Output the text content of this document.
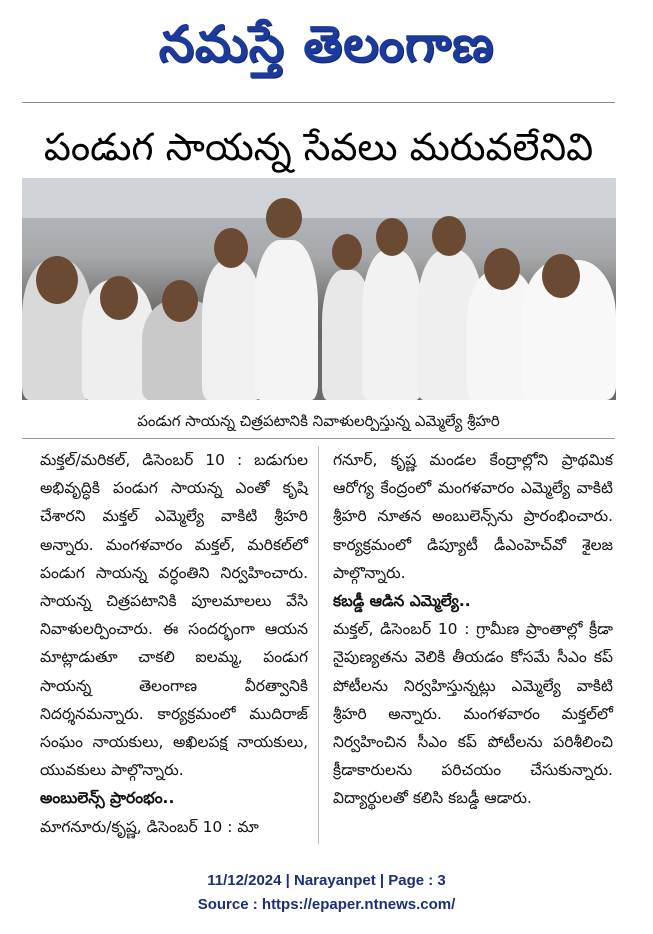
నమస్తే తెలంగాణ
పండుగ సాయన్న సేవలు మరువలేనివి
పండుగ సాయన్న చిత్రపటానికి నివాళులర్పిస్తున్న ఎమ్మెల్యే శ్రీహరి

మక్తల్‌/మరికల్‌, డిసెంబర్‌ 10 : బడుగుల అభివృద్ధికి పండుగ సాయన్న ఎంతో కృషి చేశారని మక్తల్‌ ఎమ్మెల్యే వాకిటి శ్రీహరి అన్నారు. మంగళవారం మక్తల్‌, మరికల్‌లో పండుగ సాయన్న వర్ధంతిని నిర్వహించారు. సాయన్న చిత్రపటానికి పూలమాలలు వేసి నివాళులర్పించారు. ఈ సందర్భంగా ఆయన మాట్లాడుతూ చాకలి ఐలమ్మ, పండుగ సాయన్న తెలంగాణ వీరత్వానికి నిదర్శనమన్నారు. కార్యక్రమంలో ముదిరాజ్‌ సంఘం నాయకులు, అఖిలపక్ష నాయకులు, యువకులు పాల్గొన్నారు.

అంబులెన్స్‌ ప్రారంభం..

మాగనూరు/కృష్ణ, డిసెంబర్‌ 10 : మా

గనూర్‌, కృష్ణ మండల కేంద్రాల్లోని ప్రాథమిక ఆరోగ్య కేంద్రంలో మంగళవారం ఎమ్మెల్యే వాకిటి శ్రీహరి నూతన అంబులెన్స్‌ను ప్రారంభించారు. కార్యక్రమంలో డిప్యూటీ డీఎంహెచ్‌వో శైలజ పాల్గొన్నారు.

కబడ్డీ ఆడిన ఎమ్మెల్యే..

మక్తల్‌, డిసెంబర్‌ 10 : గ్రామీణ ప్రాంతాల్లో క్రీడా నైపుణ్యతను వెలికి తీయడం కోసమే సీఎం కప్‌ పోటీలను నిర్వహిస్తున్నట్లు ఎమ్మెల్యే వాకిటి శ్రీహరి అన్నారు. మంగళవారం మక్తల్‌లో నిర్వహించిన సీఎం కప్‌ పోటీలను పరిశీలించి క్రీడాకారులను పరిచయం చేసుకున్నారు. విద్యార్థులతో కలిసి కబడ్డీ ఆడారు.

11/12/2024 | Narayanpet | Page : 3
Source : https://epaper.ntnews.com/
